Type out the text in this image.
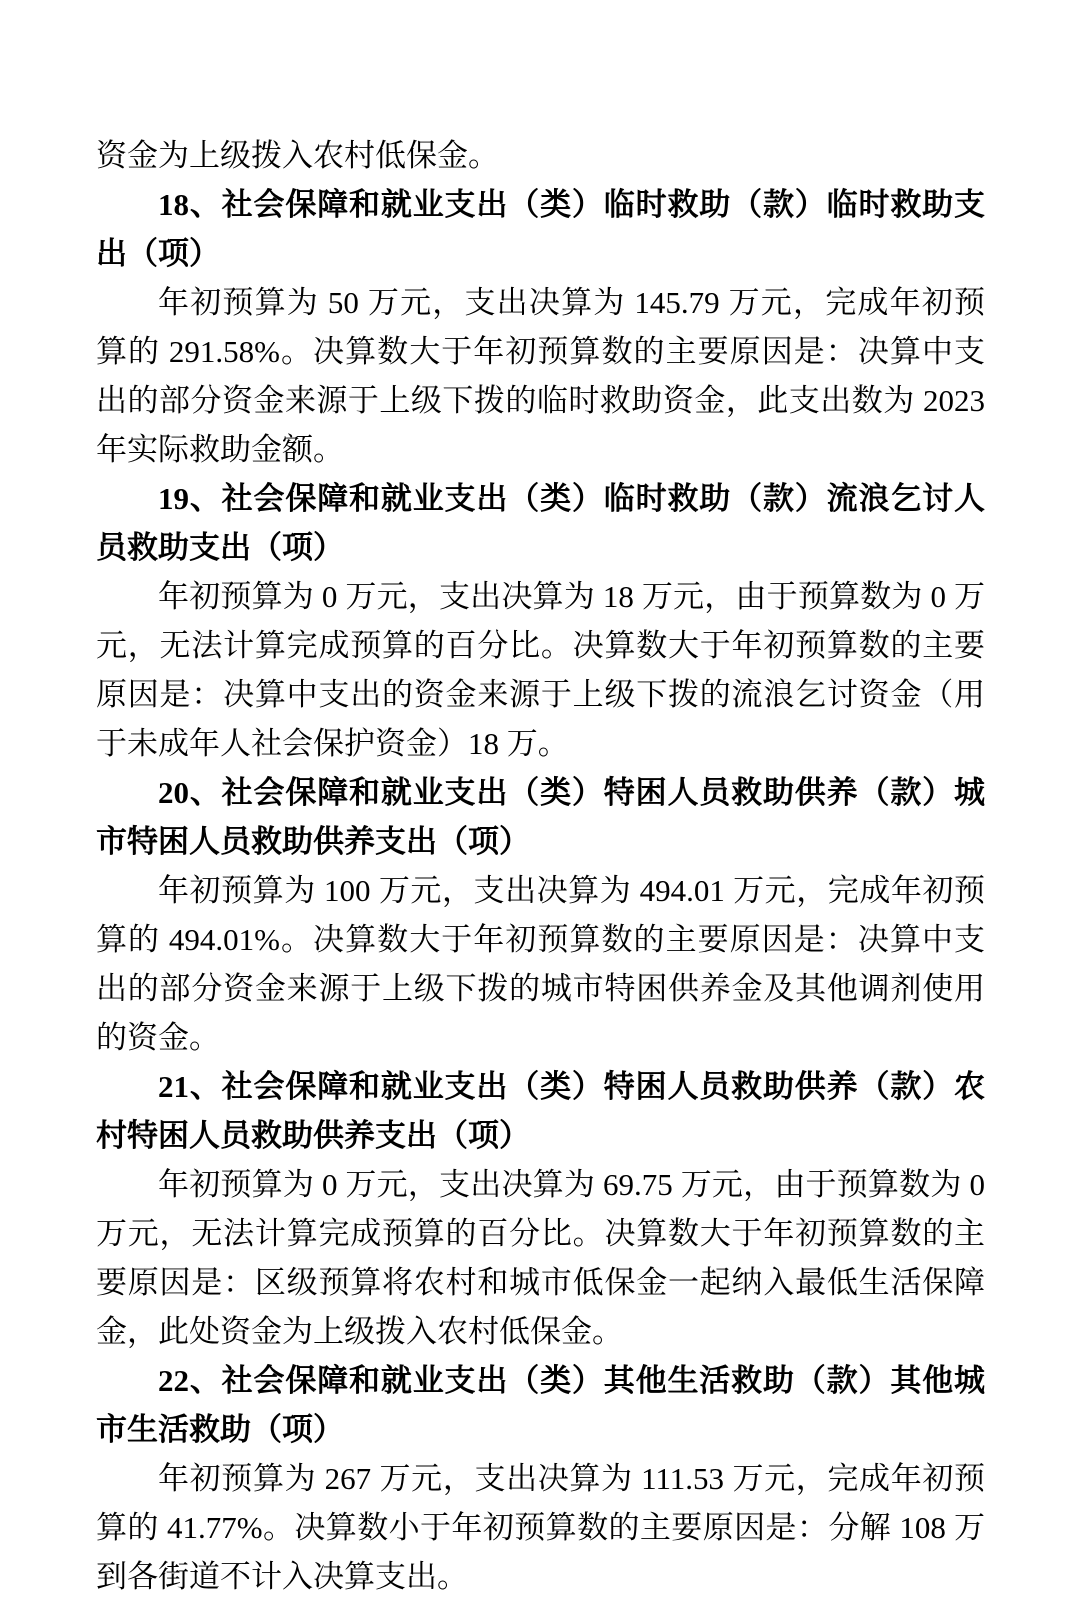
资金为上级拨入农村低保金。

18、社会保障和就业支出（类）临时救助（款）临时救助支出（项）

年初预算为 50 万元，支出决算为 145.79 万元，完成年初预算的 291.58%。决算数大于年初预算数的主要原因是：决算中支出的部分资金来源于上级下拨的临时救助资金，此支出数为 2023 年实际救助金额。

19、社会保障和就业支出（类）临时救助（款）流浪乞讨人员救助支出（项）

年初预算为 0 万元，支出决算为 18 万元，由于预算数为 0 万元，无法计算完成预算的百分比。决算数大于年初预算数的主要原因是：决算中支出的资金来源于上级下拨的流浪乞讨资金（用于未成年人社会保护资金）18 万。

20、社会保障和就业支出（类）特困人员救助供养（款）城市特困人员救助供养支出（项）

年初预算为 100 万元，支出决算为 494.01 万元，完成年初预算的 494.01%。决算数大于年初预算数的主要原因是：决算中支出的部分资金来源于上级下拨的城市特困供养金及其他调剂使用的资金。

21、社会保障和就业支出（类）特困人员救助供养（款）农村特困人员救助供养支出（项）

年初预算为 0 万元，支出决算为 69.75 万元，由于预算数为 0 万元，无法计算完成预算的百分比。决算数大于年初预算数的主要原因是：区级预算将农村和城市低保金一起纳入最低生活保障金，此处资金为上级拨入农村低保金。

22、社会保障和就业支出（类）其他生活救助（款）其他城市生活救助（项）

年初预算为 267 万元，支出决算为 111.53 万元，完成年初预算的 41.77%。决算数小于年初预算数的主要原因是：分解 108 万到各街道不计入决算支出。
